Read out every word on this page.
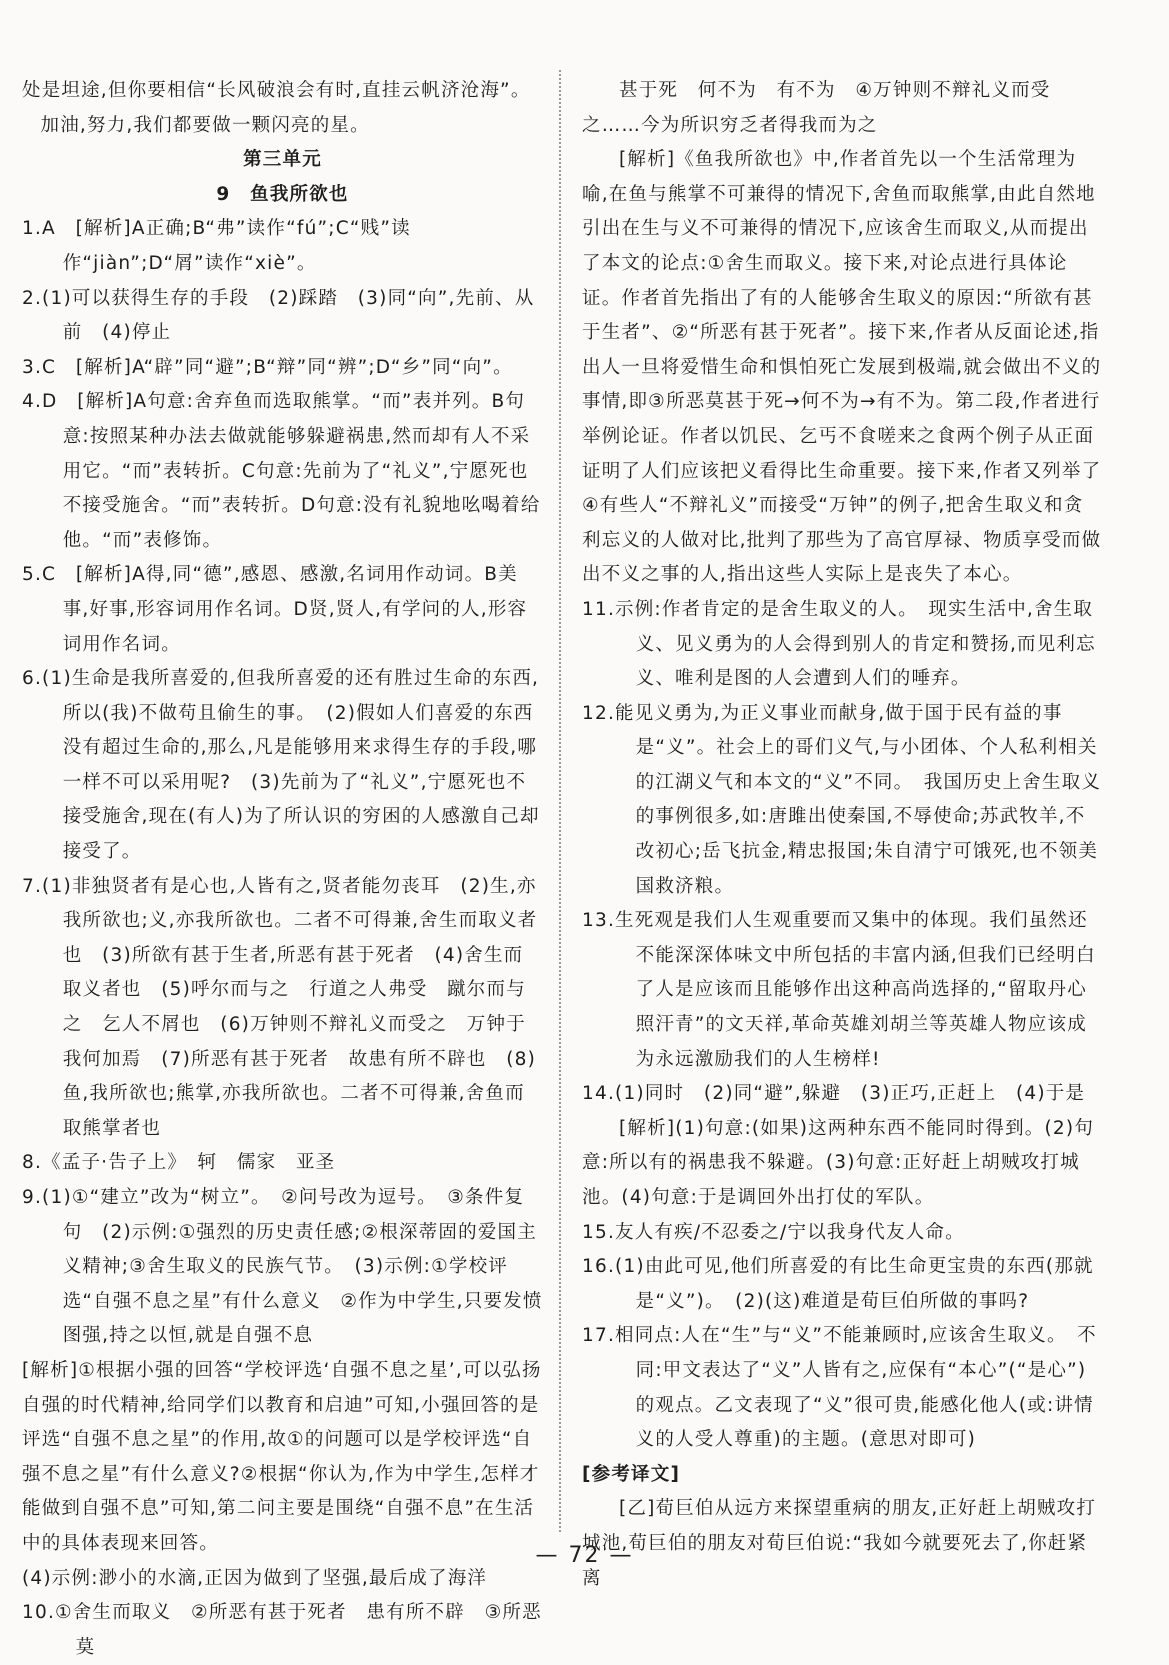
处是坦途,但你要相信“长风破浪会有时,直挂云帆济沧海”。

加油,努力,我们都要做一颗闪亮的星。

第三单元

9　鱼我所欲也

1.A　[解析]A正确;B“弗”读作“fú”;C“贱”读作“jiàn”;D“屑”读作“xiè”。

2.(1)可以获得生存的手段　(2)踩踏　(3)同“向”,先前、从前　(4)停止

3.C　[解析]A“辟”同“避”;B“辩”同“辨”;D“乡”同“向”。

4.D　[解析]A句意:舍弃鱼而选取熊掌。“而”表并列。B句意:按照某种办法去做就能够躲避祸患,然而却有人不采用它。“而”表转折。C句意:先前为了“礼义”,宁愿死也不接受施舍。“而”表转折。D句意:没有礼貌地吆喝着给他。“而”表修饰。

5.C　[解析]A得,同“德”,感恩、感激,名词用作动词。B美事,好事,形容词用作名词。D贤,贤人,有学问的人,形容词用作名词。

6.(1)生命是我所喜爱的,但我所喜爱的还有胜过生命的东西,所以(我)不做苟且偷生的事。　(2)假如人们喜爱的东西没有超过生命的,那么,凡是能够用来求得生存的手段,哪一样不可以采用呢?　(3)先前为了“礼义”,宁愿死也不接受施舍,现在(有人)为了所认识的穷困的人感激自己却接受了。

7.(1)非独贤者有是心也,人皆有之,贤者能勿丧耳　(2)生,亦我所欲也;义,亦我所欲也。二者不可得兼,舍生而取义者也　(3)所欲有甚于生者,所恶有甚于死者　(4)舍生而取义者也　(5)呼尔而与之　行道之人弗受　蹴尔而与之　乞人不屑也　(6)万钟则不辩礼义而受之　万钟于我何加焉　(7)所恶有甚于死者　故患有所不辟也　(8)鱼,我所欲也;熊掌,亦我所欲也。二者不可得兼,舍鱼而取熊掌者也

8.《孟子·告子上》　轲　儒家　亚圣

9.(1)①“建立”改为“树立”。　②问号改为逗号。　③条件复句　(2)示例:①强烈的历史责任感;②根深蒂固的爱国主义精神;③舍生取义的民族气节。　(3)示例:①学校评选“自强不息之星”有什么意义　②作为中学生,只要发愤图强,持之以恒,就是自强不息

[解析]①根据小强的回答“学校评选‘自强不息之星’,可以弘扬自强的时代精神,给同学们以教育和启迪”可知,小强回答的是评选“自强不息之星”的作用,故①的问题可以是学校评选“自强不息之星”有什么意义?②根据“你认为,作为中学生,怎样才能做到自强不息”可知,第二问主要是围绕“自强不息”在生活中的具体表现来回答。

(4)示例:渺小的水滴,正因为做到了坚强,最后成了海洋

10.①舍生而取义　②所恶有甚于死者　患有所不辟　③所恶莫

甚于死　何不为　有不为　④万钟则不辩礼义而受之……今为所识穷乏者得我而为之

[解析]《鱼我所欲也》中,作者首先以一个生活常理为喻,在鱼与熊掌不可兼得的情况下,舍鱼而取熊掌,由此自然地引出在生与义不可兼得的情况下,应该舍生而取义,从而提出了本文的论点:①舍生而取义。接下来,对论点进行具体论证。作者首先指出了有的人能够舍生取义的原因:“所欲有甚于生者”、②“所恶有甚于死者”。接下来,作者从反面论述,指出人一旦将爱惜生命和惧怕死亡发展到极端,就会做出不义的事情,即③所恶莫甚于死→何不为→有不为。第二段,作者进行举例论证。作者以饥民、乞丐不食嗟来之食两个例子从正面证明了人们应该把义看得比生命重要。接下来,作者又列举了④有些人“不辩礼义”而接受“万钟”的例子,把舍生取义和贪利忘义的人做对比,批判了那些为了高官厚禄、物质享受而做出不义之事的人,指出这些人实际上是丧失了本心。

11.示例:作者肯定的是舍生取义的人。　现实生活中,舍生取义、见义勇为的人会得到别人的肯定和赞扬,而见利忘义、唯利是图的人会遭到人们的唾弃。

12.能见义勇为,为正义事业而献身,做于国于民有益的事是“义”。社会上的哥们义气,与小团体、个人私利相关的江湖义气和本文的“义”不同。　我国历史上舍生取义的事例很多,如:唐雎出使秦国,不辱使命;苏武牧羊,不改初心;岳飞抗金,精忠报国;朱自清宁可饿死,也不领美国救济粮。

13.生死观是我们人生观重要而又集中的体现。我们虽然还不能深深体味文中所包括的丰富内涵,但我们已经明白了人是应该而且能够作出这种高尚选择的,“留取丹心照汗青”的文天祥,革命英雄刘胡兰等英雄人物应该成为永远激励我们的人生榜样!

14.(1)同时　(2)同“避”,躲避　(3)正巧,正赶上　(4)于是

[解析](1)句意:(如果)这两种东西不能同时得到。(2)句意:所以有的祸患我不躲避。(3)句意:正好赶上胡贼攻打城池。(4)句意:于是调回外出打仗的军队。

15.友人有疾/不忍委之/宁以我身代友人命。

16.(1)由此可见,他们所喜爱的有比生命更宝贵的东西(那就是“义”)。　(2)(这)难道是荀巨伯所做的事吗?

17.相同点:人在“生”与“义”不能兼顾时,应该舍生取义。　不同:甲文表达了“义”人皆有之,应保有“本心”(“是心”)的观点。乙文表现了“义”很可贵,能感化他人(或:讲情义的人受人尊重)的主题。(意思对即可)

[参考译文]

[乙]荀巨伯从远方来探望重病的朋友,正好赶上胡贼攻打城池,荀巨伯的朋友对荀巨伯说:“我如今就要死去了,你赶紧离

— 72 —
